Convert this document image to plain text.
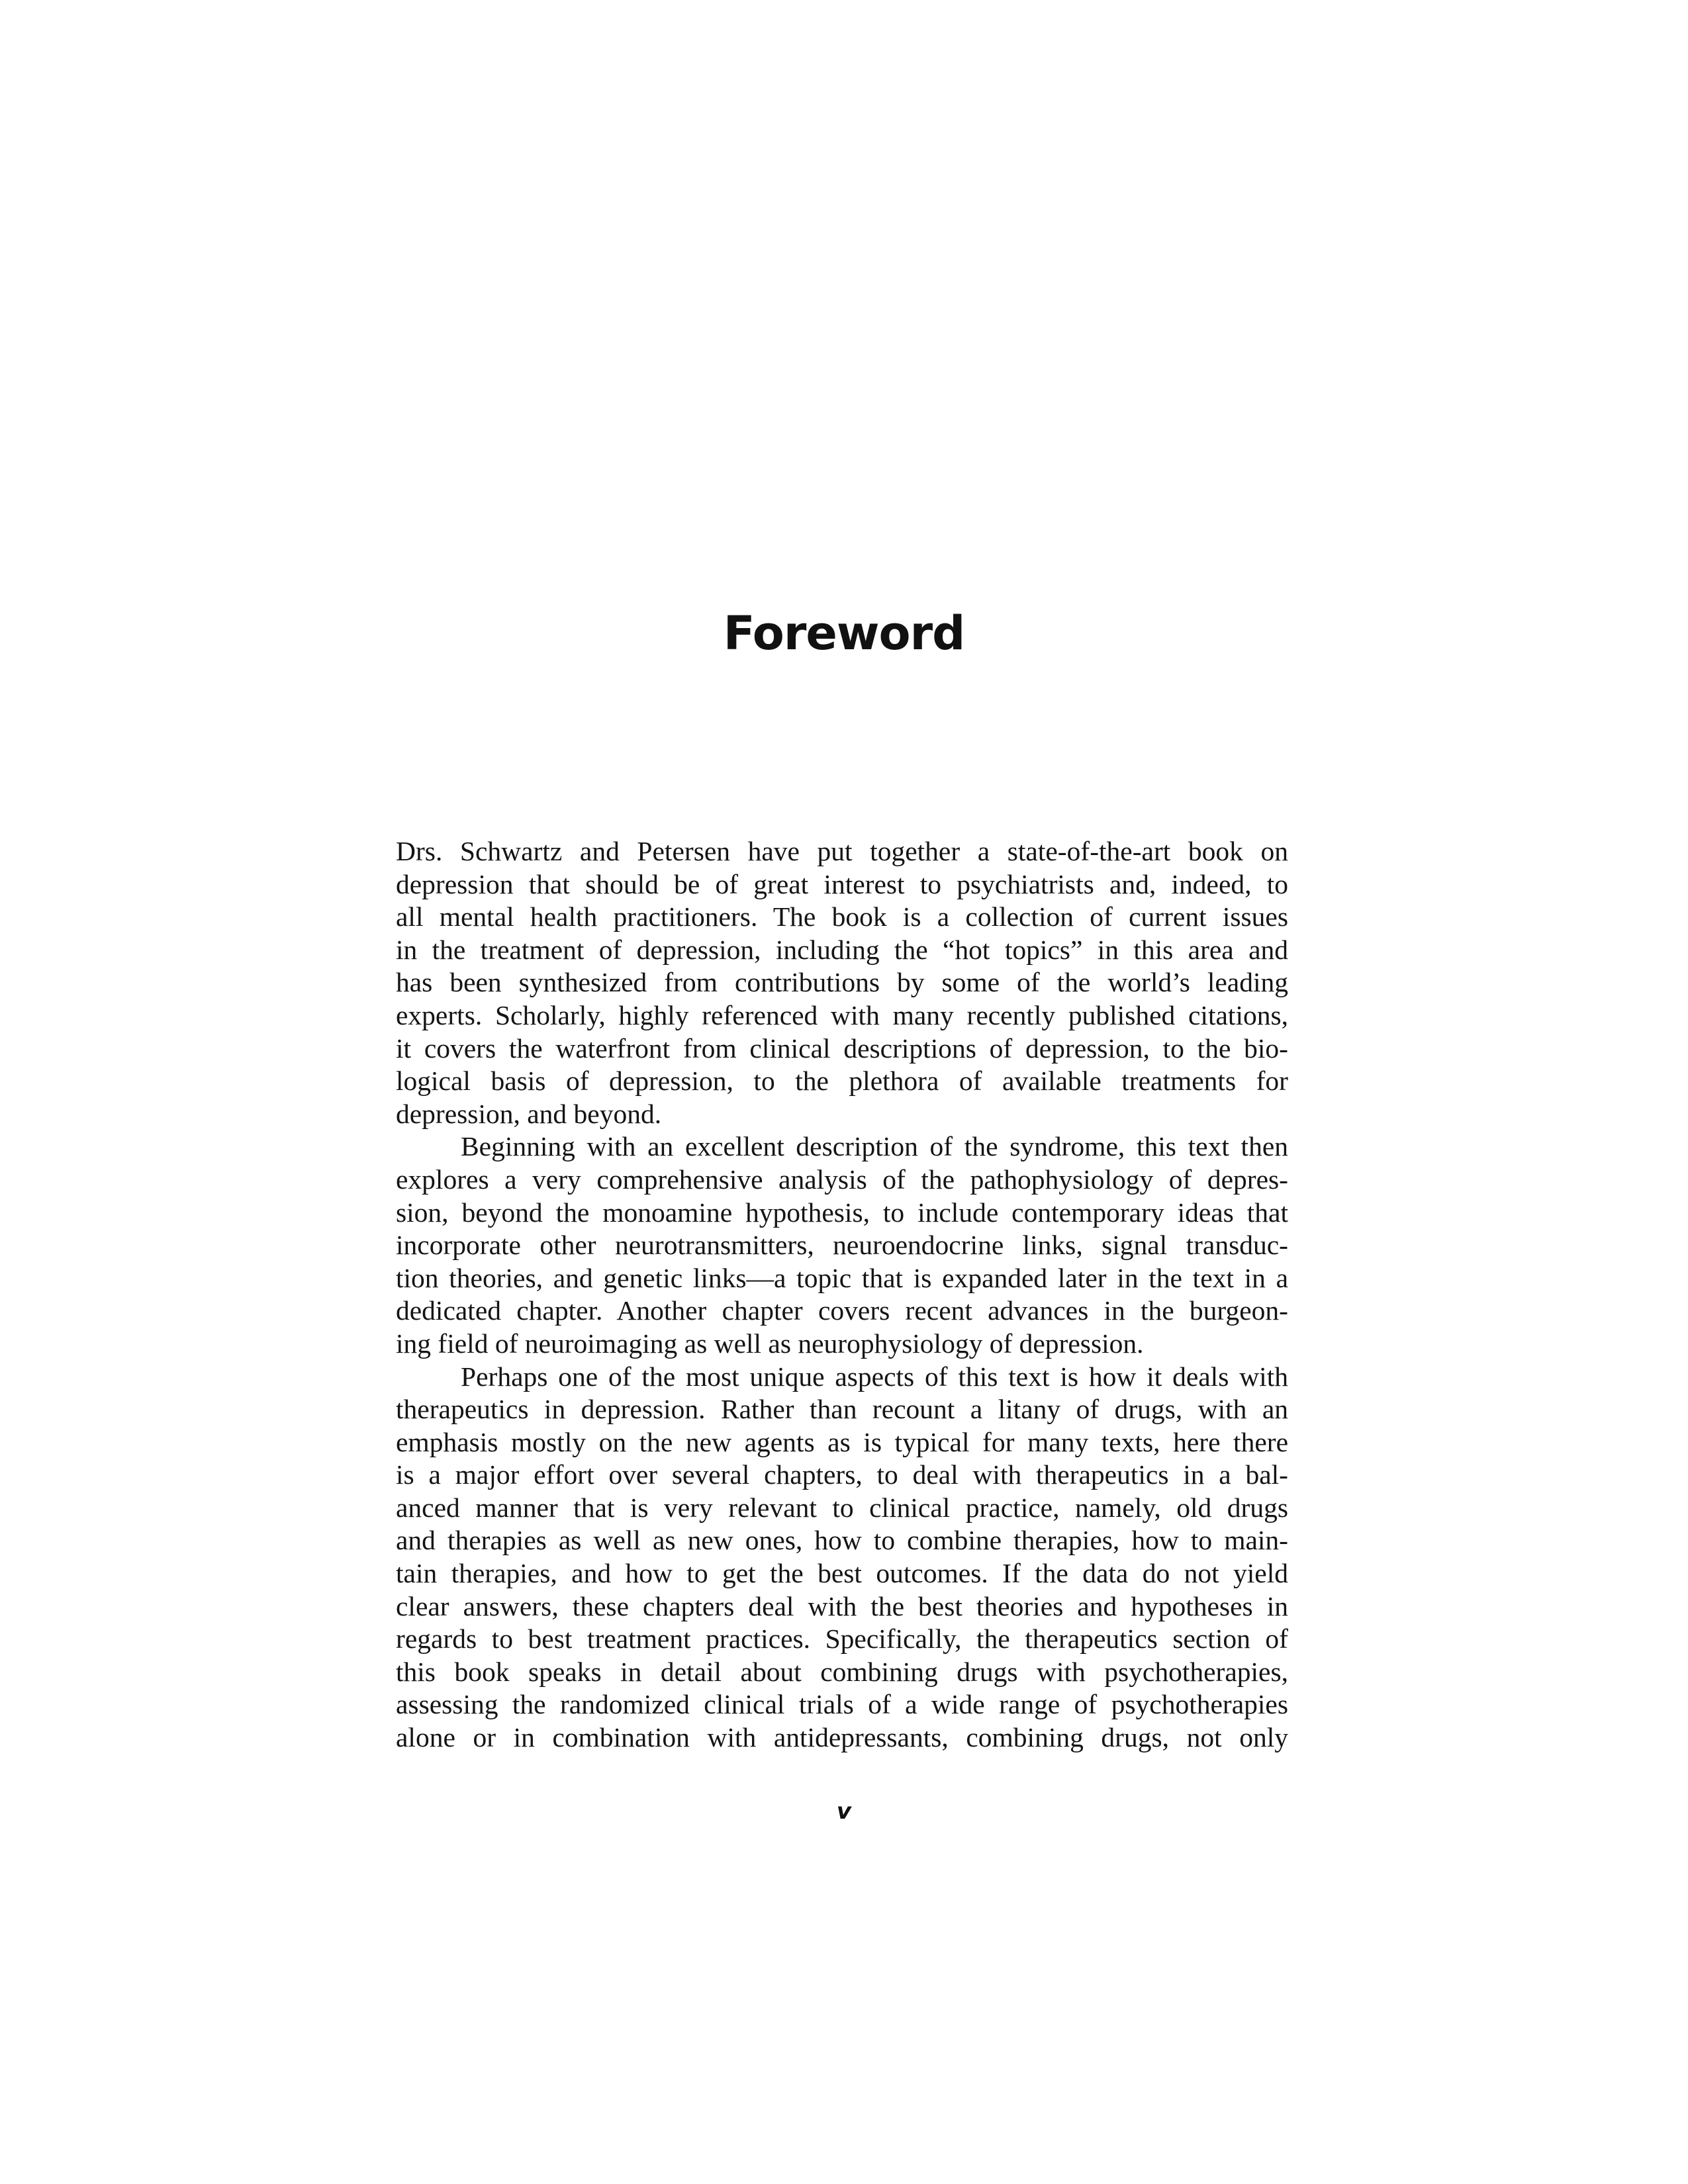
Foreword

Drs. Schwartz and Petersen have put together a state-of-the-art book on
depression that should be of great interest to psychiatrists and, indeed, to
all mental health practitioners. The book is a collection of current issues
in the treatment of depression, including the “hot topics” in this area and
has been synthesized from contributions by some of the world’s leading
experts. Scholarly, highly referenced with many recently published citations,
it covers the waterfront from clinical descriptions of depression, to the bio-
logical basis of depression, to the plethora of available treatments for
depression, and beyond.

Beginning with an excellent description of the syndrome, this text then
explores a very comprehensive analysis of the pathophysiology of depres-
sion, beyond the monoamine hypothesis, to include contemporary ideas that
incorporate other neurotransmitters, neuroendocrine links, signal transduc-
tion theories, and genetic links—a topic that is expanded later in the text in a
dedicated chapter. Another chapter covers recent advances in the burgeon-
ing field of neuroimaging as well as neurophysiology of depression.

Perhaps one of the most unique aspects of this text is how it deals with
therapeutics in depression. Rather than recount a litany of drugs, with an
emphasis mostly on the new agents as is typical for many texts, here there
is a major effort over several chapters, to deal with therapeutics in a bal-
anced manner that is very relevant to clinical practice, namely, old drugs
and therapies as well as new ones, how to combine therapies, how to main-
tain therapies, and how to get the best outcomes. If the data do not yield
clear answers, these chapters deal with the best theories and hypotheses in
regards to best treatment practices. Specifically, the therapeutics section of
this book speaks in detail about combining drugs with psychotherapies,
assessing the randomized clinical trials of a wide range of psychotherapies
alone or in combination with antidepressants, combining drugs, not only

v
